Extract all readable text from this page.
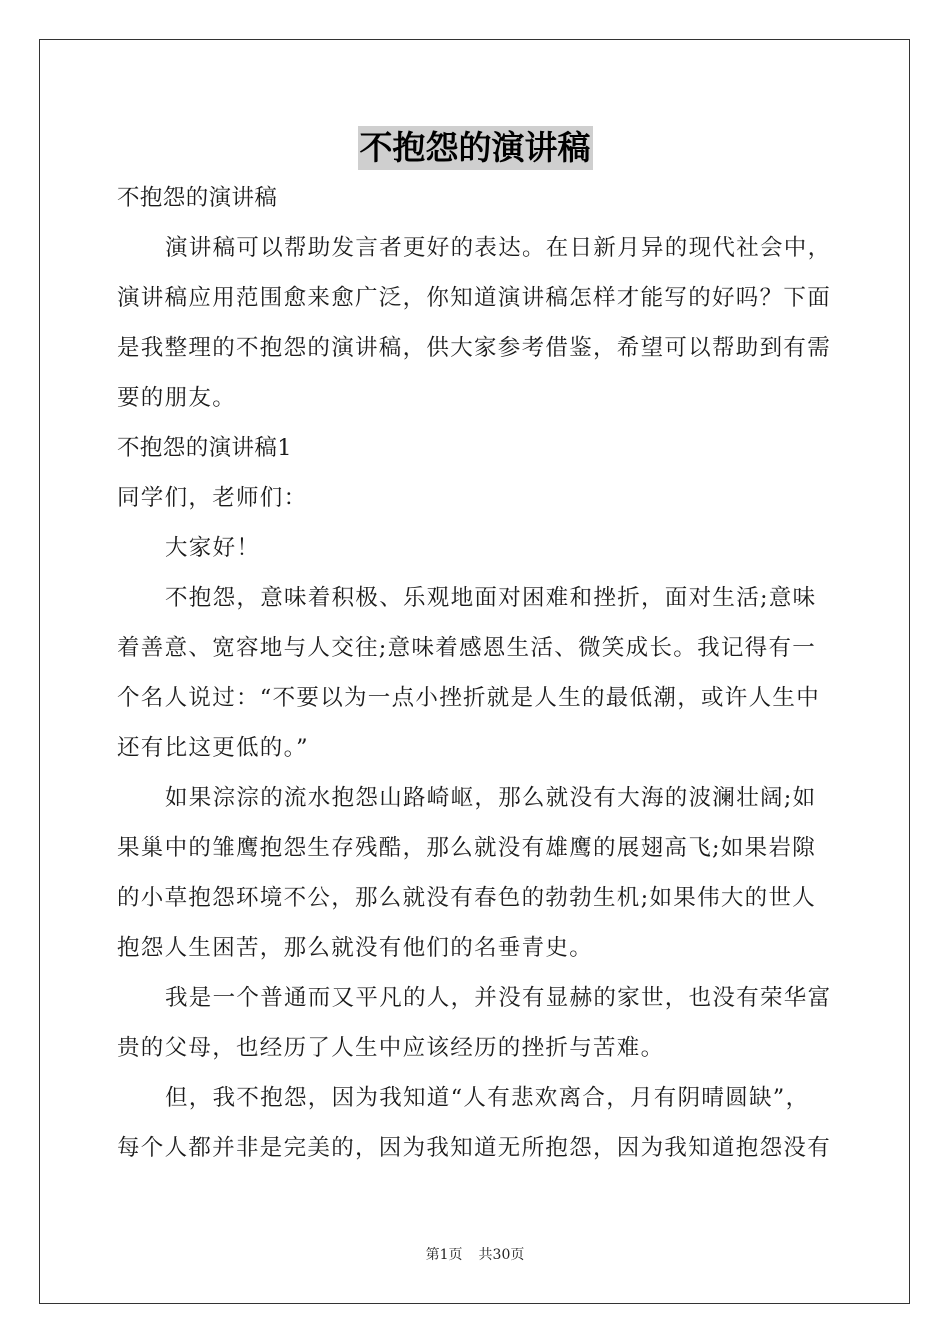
不抱怨的演讲稿
不抱怨的演讲稿
演讲稿可以帮助发言者更好的表达。在日新月异的现代社会中，
演讲稿应用范围愈来愈广泛，你知道演讲稿怎样才能写的好吗？下面
是我整理的不抱怨的演讲稿，供大家参考借鉴，希望可以帮助到有需
要的朋友。
不抱怨的演讲稿1
同学们，老师们：
大家好！
不抱怨，意味着积极、乐观地面对困难和挫折，面对生活;意味
着善意、宽容地与人交往;意味着感恩生活、微笑成长。我记得有一
个名人说过：“不要以为一点小挫折就是人生的最低潮，或许人生中
还有比这更低的。”
如果淙淙的流水抱怨山路崎岖，那么就没有大海的波澜壮阔;如
果巢中的雏鹰抱怨生存残酷，那么就没有雄鹰的展翅高飞;如果岩隙
的小草抱怨环境不公，那么就没有春色的勃勃生机;如果伟大的世人
抱怨人生困苦，那么就没有他们的名垂青史。
我是一个普通而又平凡的人，并没有显赫的家世，也没有荣华富
贵的父母，也经历了人生中应该经历的挫折与苦难。
但，我不抱怨，因为我知道“人有悲欢离合，月有阴晴圆缺”，
每个人都并非是完美的，因为我知道无所抱怨，因为我知道抱怨没有
第1页 共30页
